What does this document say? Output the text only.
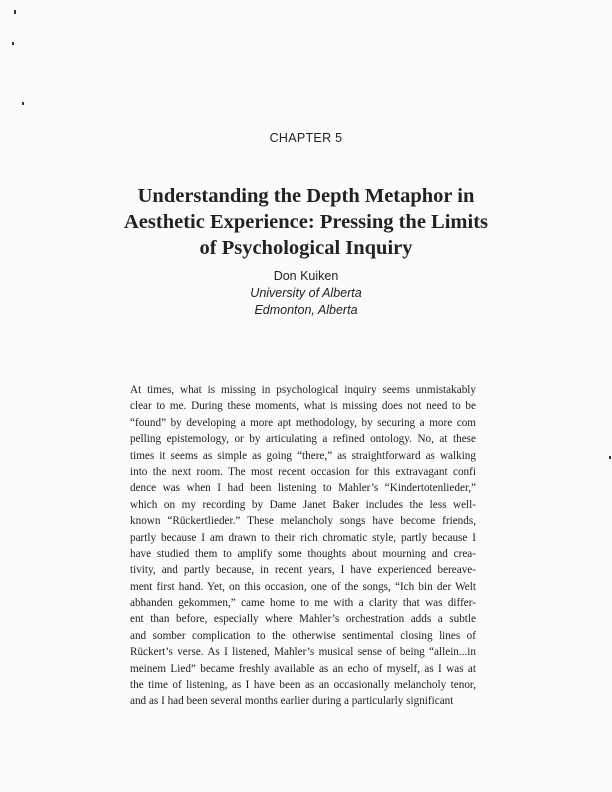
CHAPTER 5
Understanding the Depth Metaphor in
Aesthetic Experience: Pressing the Limits
of Psychological Inquiry
Don Kuiken
University of Alberta
Edmonton, Alberta
At times, what is missing in psychological inquiry seems unmistakably
clear to me. During these moments, what is missing does not need to be
“found” by developing a more apt methodology, by securing a more com
pelling epistemology, or by articulating a refined ontology. No, at these
times it seems as simple as going “there,” as straightforward as walking
into the next room. The most recent occasion for this extravagant confi
dence was when I had been listening to Mahler’s “Kindertotenlieder,”
which on my recording by Dame Janet Baker includes the less well-
known “Rückertlieder.” These melancholy songs have become friends,
partly because I am drawn to their rich chromatic style, partly because I
have studied them to amplify some thoughts about mourning and crea-
tivity, and partly because, in recent years, I have experienced bereave-
ment first hand. Yet, on this occasion, one of the songs, “Ich bin der Welt
abhanden gekommen,” came home to me with a clarity that was differ-
ent than before, especially where Mahler’s orchestration adds a subtle
and somber complication to the otherwise sentimental closing lines of
Rückert’s verse. As I listened, Mahler’s musical sense of being “allein...in
meinem Lied” became freshly available as an echo of myself, as I was at
the time of listening, as I have been as an occasionally melancholy tenor,
and as I had been several months earlier during a particularly significant
